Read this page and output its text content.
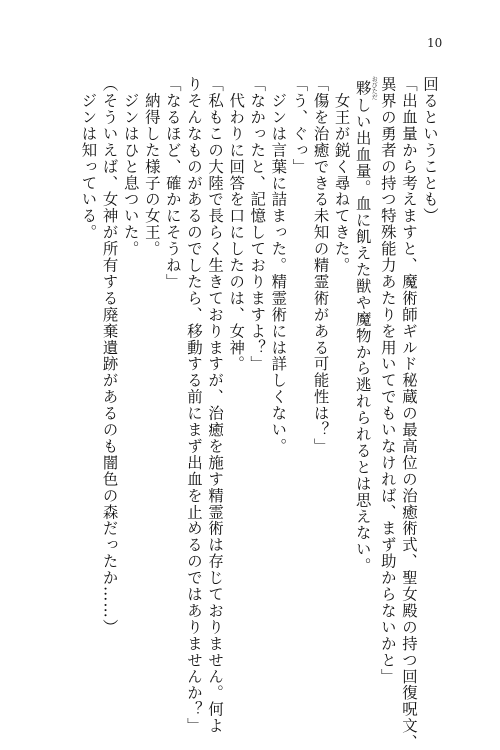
10
回るということも）
「出血量から考えますと、魔術師ギルド秘蔵の最高位の治癒術式、聖女殿の持つ回復呪文、
異界の勇者の持つ特殊能力あたりを用いてでもいなければ、まず助からないかと」
夥おびただしい出血量。血に飢えた獣や魔物から逃れられるとは思えない。
　女王が鋭く尋ねてきた。
「傷を治癒できる未知の精霊術がある可能性は？」
「う、ぐっ」
　ジンは言葉に詰まった。精霊術には詳しくない。
「なかったと、記憶しておりますよ？」
　代わりに回答を口にしたのは、女神。
「私もこの大陸で長らく生きておりますが、治癒を施す精霊術は存じておりません。何よ
りそんなものがあるのでしたら、移動する前にまず出血を止めるのではありませんか？」
「なるほど、確かにそうね」
　納得した様子の女王。
　ジンはひと息ついた。
（そういえば、女神が所有する廃棄遺跡があるのも闇色の森だったか……）
　ジンは知っている。
